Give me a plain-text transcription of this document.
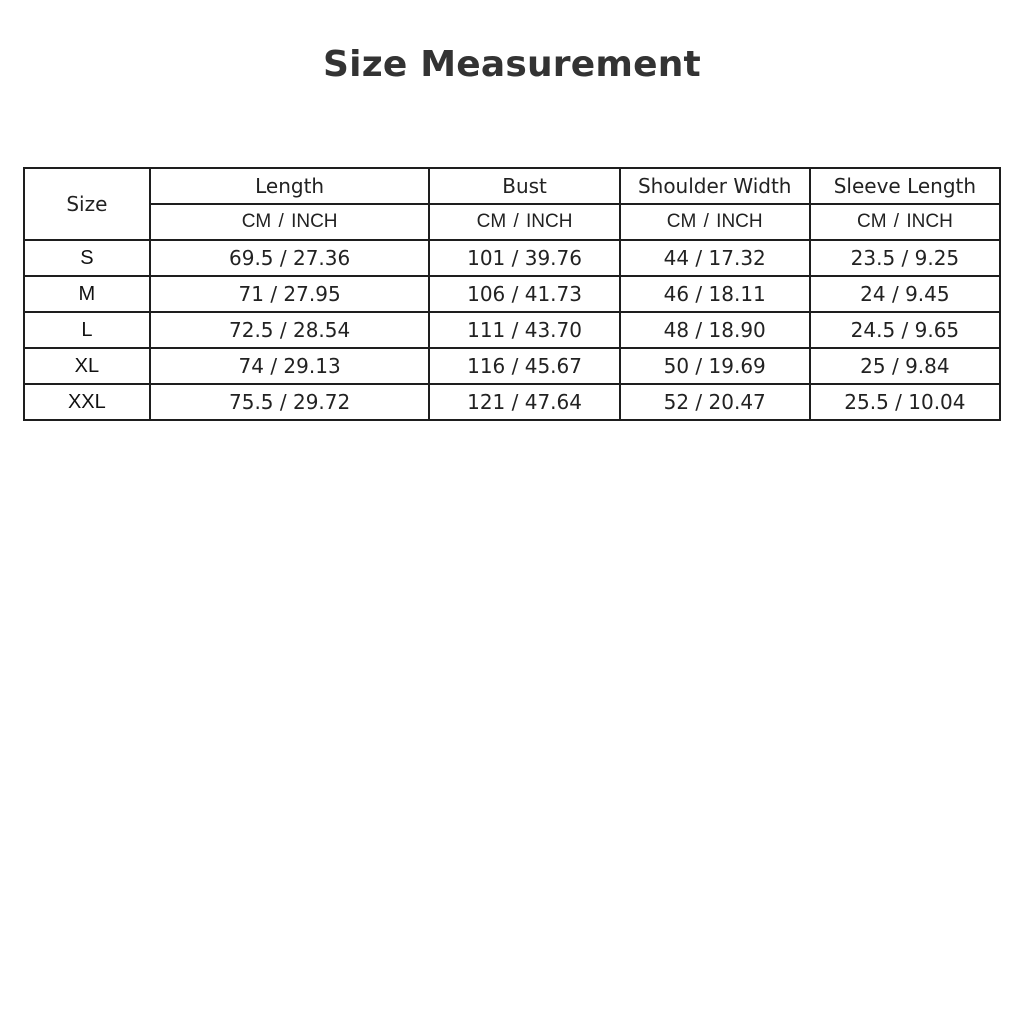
Size Measurement
Size	Length	Bust	Shoulder Width	Sleeve Length
	CM / INCH	CM / INCH	CM / INCH	CM / INCH
S	69.5 / 27.36	101 / 39.76	44 / 17.32	23.5 / 9.25
M	71 / 27.95	106 / 41.73	46 / 18.11	24 / 9.45
L	72.5 / 28.54	111 / 43.70	48 / 18.90	24.5 / 9.65
XL	74 / 29.13	116 / 45.67	50 / 19.69	25 / 9.84
XXL	75.5 / 29.72	121 / 47.64	52 / 20.47	25.5 / 10.04
